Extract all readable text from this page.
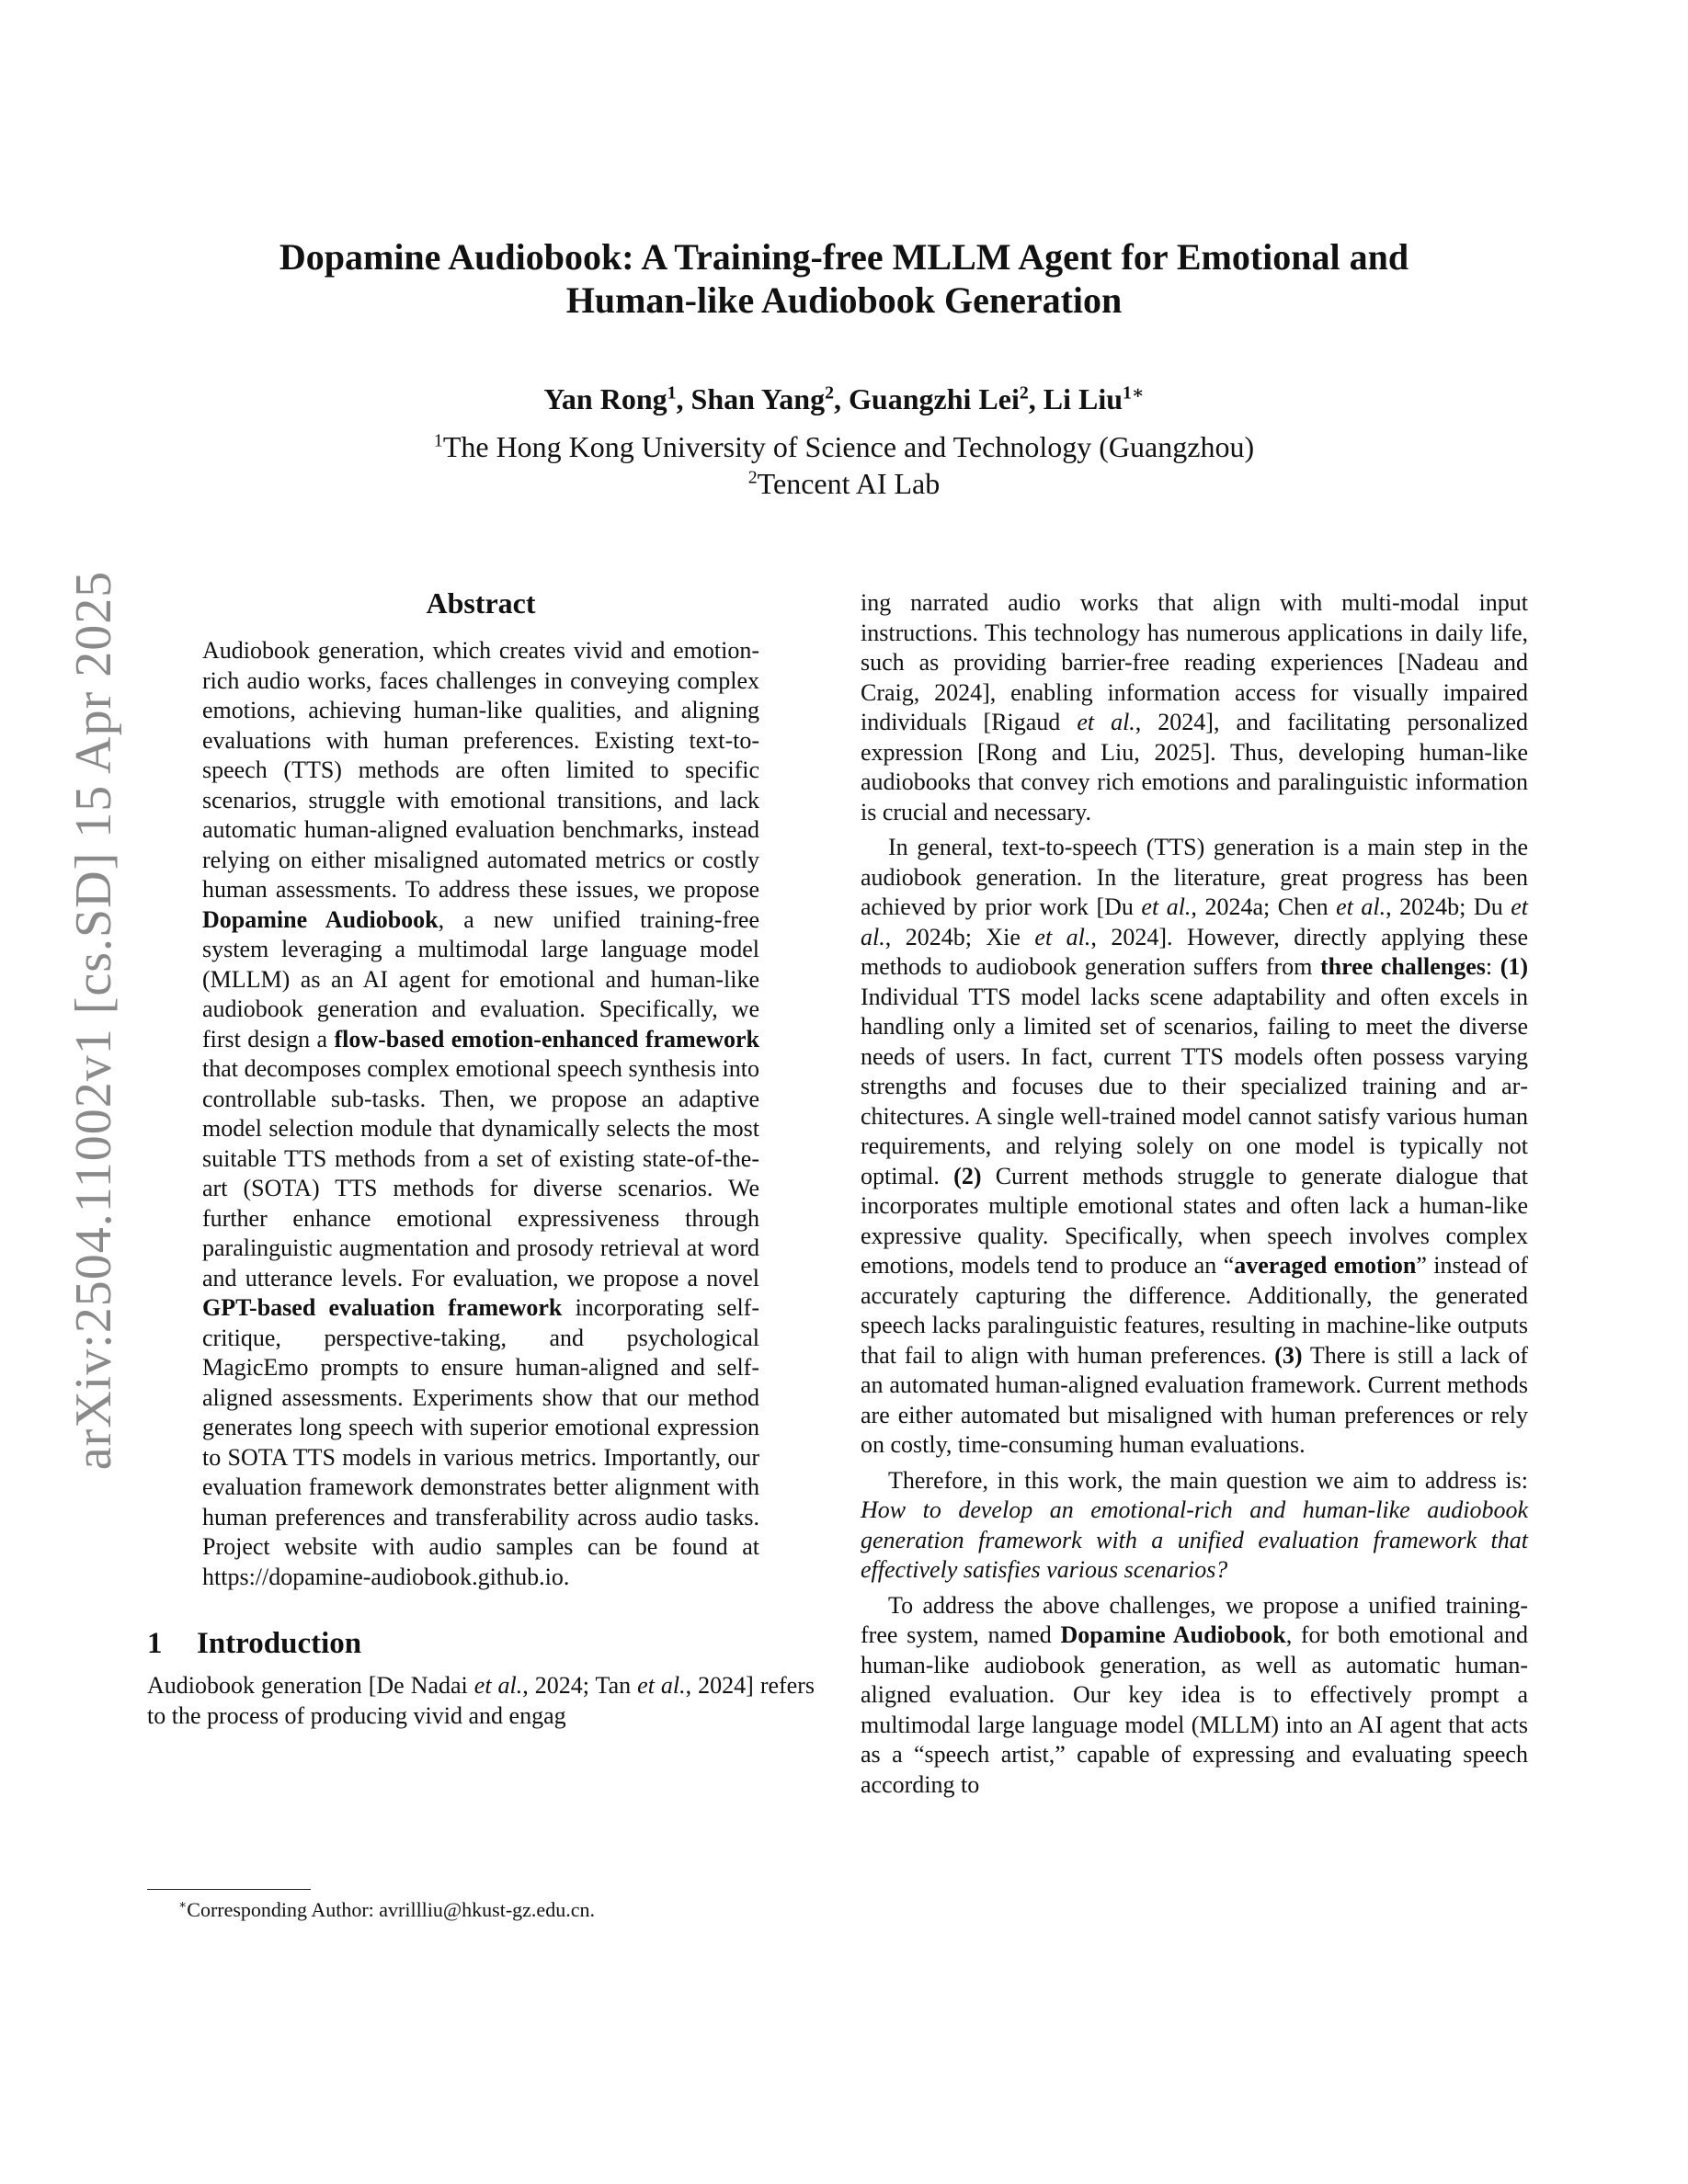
arXiv:2504.11002v1 [cs.SD] 15 Apr 2025
Dopamine Audiobook: A Training-free MLLM Agent for Emotional and
Human-like Audiobook Generation
Yan Rong$^1$, Shan Yang$^2$, Guangzhi Lei$^2$, Li Liu$^{1∗}$
$^1$The Hong Kong University of Science and Technology (Guangzhou)
$^2$Tencent AI Lab
Abstract
Audiobook generation, which creates vivid and emotion-rich audio works, faces challenges in conveying complex emotions, achieving human-like qualities, and aligning evaluations with human preferences. Existing text-to-speech (TTS) methods are often limited to specific scenarios, struggle with emotional transitions, and lack automatic human-aligned evaluation benchmarks, instead relying on either misaligned automated metrics or costly human assessments. To address these issues, we propose Dopamine Audiobook, a new unified training-free system leveraging a multimodal large language model (MLLM) as an AI agent for emotional and human-like audiobook generation and evaluation. Specifically, we first design a flow-based emotion-enhanced framework that decomposes complex emotional speech synthesis into controllable sub-tasks. Then, we propose an adaptive model selection module that dynamically selects the most suitable TTS methods from a set of existing state-of-the-art (SOTA) TTS methods for diverse scenarios. We further enhance emotional expressiveness through paralinguistic augmentation and prosody retrieval at word and utterance levels. For evaluation, we propose a novel GPT-based evaluation framework incorporating self-critique, perspective-taking, and psychological MagicEmo prompts to ensure human-aligned and self-aligned assessments. Experiments show that our method generates long speech with superior emotional expression to SOTA TTS models in various metrics. Importantly, our evaluation framework demonstrates better alignment with human preferences and transferability across audio tasks. Project website with audio samples can be found at https://dopamine-audiobook.github.io.
1 Introduction

Audiobook generation [De Nadai et al., 2024; Tan et al., 2024] refers to the process of producing vivid and engag

ing narrated audio works that align with multi-modal input instructions. This technology has numerous applications in daily life, such as providing barrier-free reading experiences [Nadeau and Craig, 2024], enabling information access for visually impaired individuals [Rigaud et al., 2024], and facilitating personalized expression [Rong and Liu, 2025]. Thus, developing human-like audiobooks that convey rich emotions and paralinguistic information is crucial and necessary.

In general, text-to-speech (TTS) generation is a main step in the audiobook generation. In the literature, great progress has been achieved by prior work [Du et al., 2024a; Chen et al., 2024b; Du et al., 2024b; Xie et al., 2024]. However, directly applying these methods to audiobook generation suffers from three challenges: (1) Individual TTS model lacks scene adaptability and often excels in handling only a limited set of scenarios, failing to meet the diverse needs of users. In fact, current TTS models often possess varying strengths and focuses due to their specialized training and architectures. A single well-trained model cannot satisfy various human requirements, and relying solely on one model is typically not optimal. (2) Current methods struggle to generate dialogue that incorporates multiple emotional states and often lack a human-like expressive quality. Specifically, when speech involves complex emotions, models tend to produce an “averaged emotion” instead of accurately capturing the difference. Additionally, the generated speech lacks paralinguistic features, resulting in machine-like outputs that fail to align with human preferences. (3) There is still a lack of an automated human-aligned evaluation framework. Current methods are either automated but misaligned with human preferences or rely on costly, time-consuming human evaluations.

Therefore, in this work, the main question we aim to address is: How to develop an emotional-rich and human-like audiobook generation framework with a unified evaluation framework that effectively satisfies various scenarios?

To address the above challenges, we propose a unified training-free system, named Dopamine Audiobook, for both emotional and human-like audiobook generation, as well as automatic human-aligned evaluation. Our key idea is to effectively prompt a multimodal large language model (MLLM) into an AI agent that acts as a “speech artist,” capable of expressing and evaluating speech according to

∗Corresponding Author: avrillliu@hkust-gz.edu.cn.
